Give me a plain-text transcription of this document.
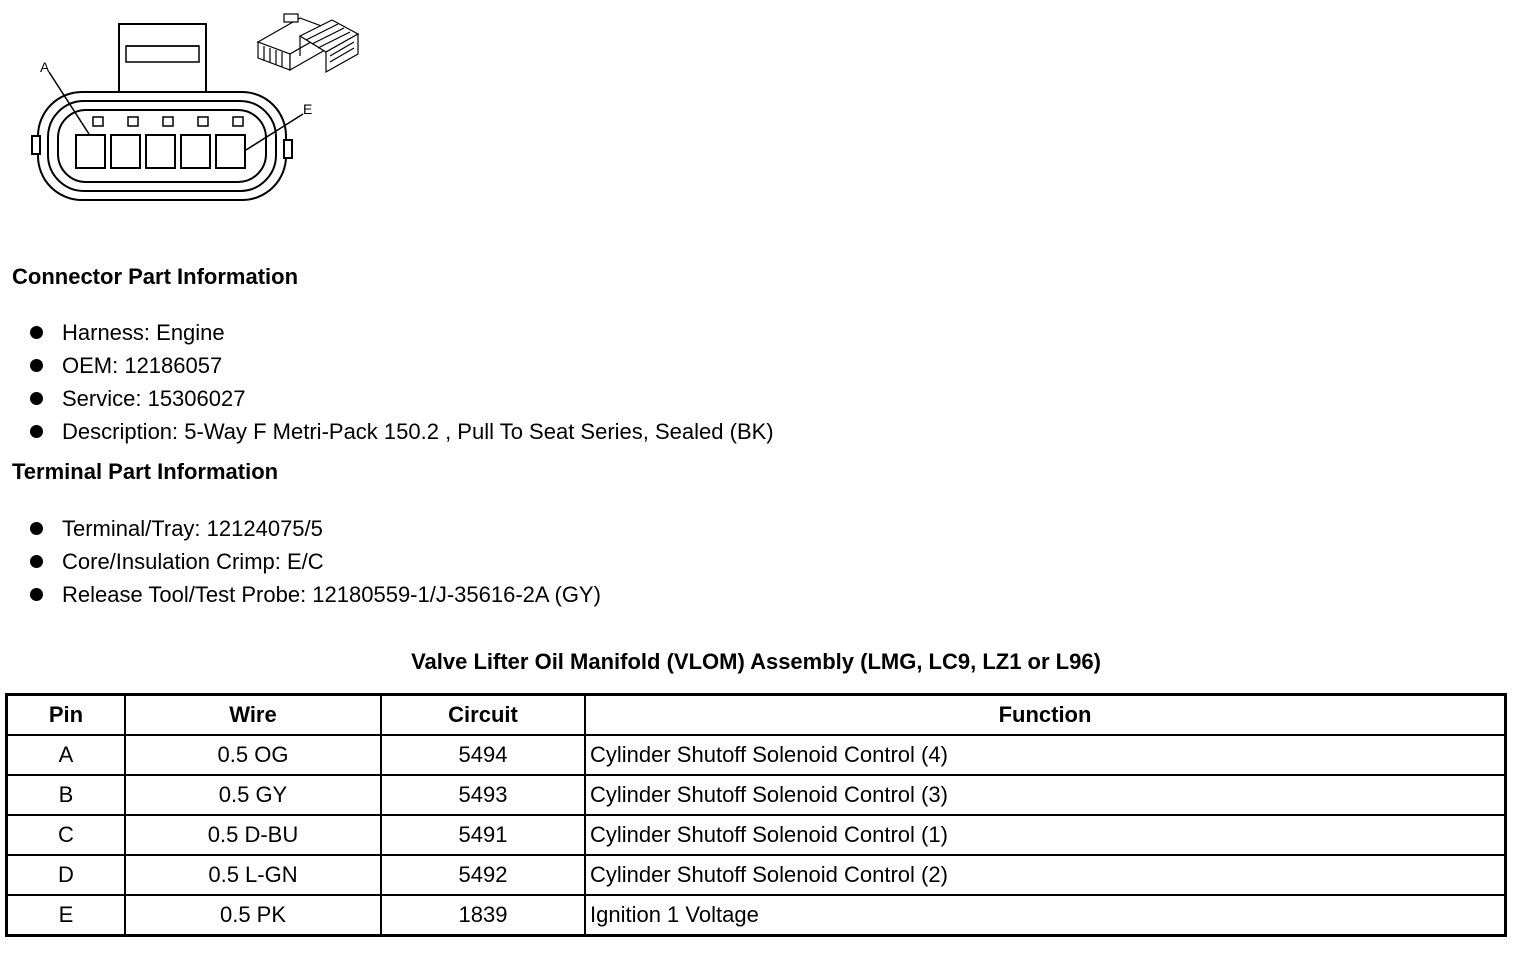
A
E
Connector Part Information
Harness: Engine
OEM: 12186057
Service: 15306027
Description: 5-Way F Metri-Pack 150.2 , Pull To Seat Series, Sealed (BK)
Terminal Part Information
Terminal/Tray: 12124075/5
Core/Insulation Crimp: E/C
Release Tool/Test Probe: 12180559-1/J-35616-2A (GY)
Valve Lifter Oil Manifold (VLOM) Assembly (LMG, LC9, LZ1 or L96)
Pin	Wire	Circuit	Function
A	0.5 OG	5494	Cylinder Shutoff Solenoid Control (4)
B	0.5 GY	5493	Cylinder Shutoff Solenoid Control (3)
C	0.5 D-BU	5491	Cylinder Shutoff Solenoid Control (1)
D	0.5 L-GN	5492	Cylinder Shutoff Solenoid Control (2)
E	0.5 PK	1839	Ignition 1 Voltage
